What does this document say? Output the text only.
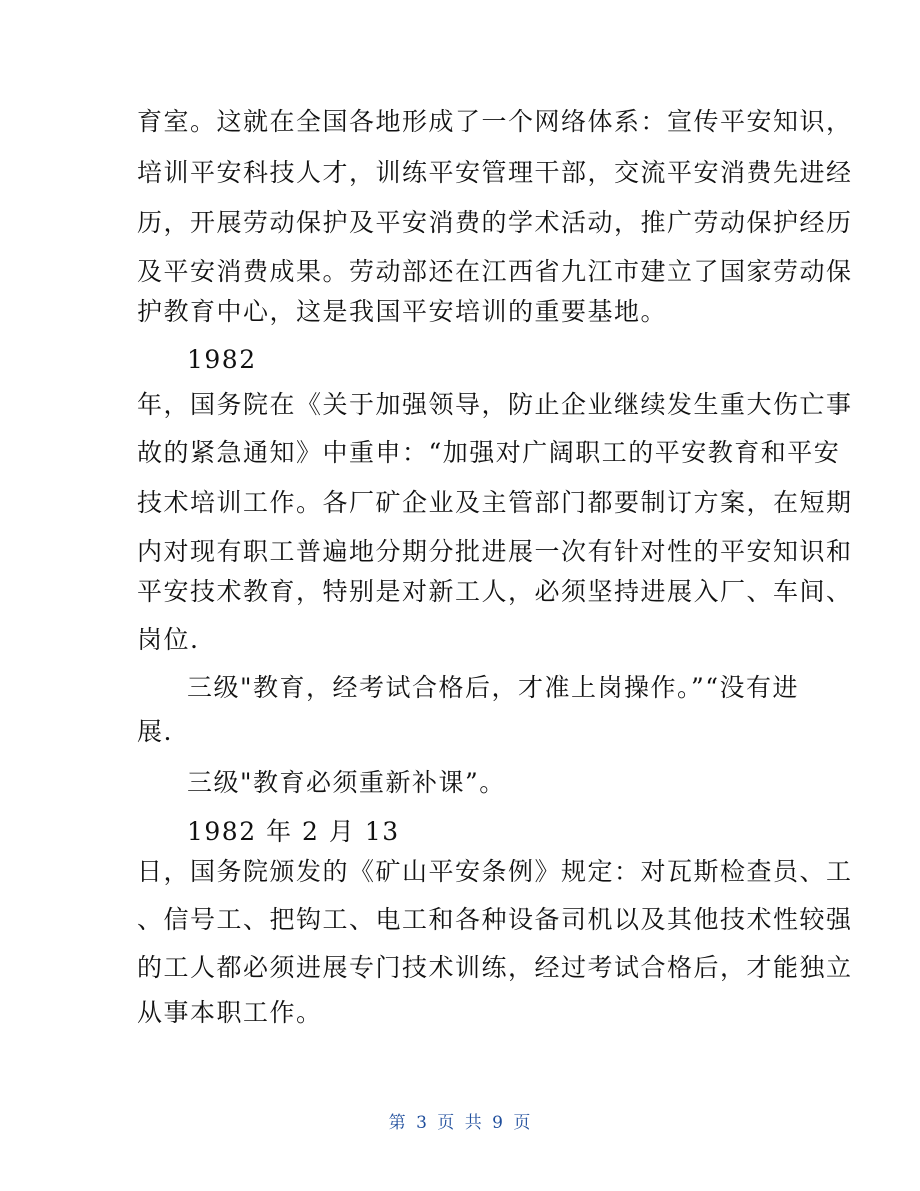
育室。这就在全国各地形成了一个网络体系：宣传平安知识，
培训平安科技人才，训练平安管理干部，交流平安消费先进经
历，开展劳动保护及平安消费的学术活动，推广劳动保护经历
及平安消费成果。劳动部还在江西省九江市建立了国家劳动保
护教育中心，这是我国平安培训的重要基地。
1982
年，国务院在《关于加强领导，防止企业继续发生重大伤亡事
故的紧急通知》中重申：“加强对广阔职工的平安教育和平安
技术培训工作。各厂矿企业及主管部门都要制订方案，在短期
内对现有职工普遍地分期分批进展一次有针对性的平安知识和
平安技术教育，特别是对新工人，必须坚持进展入厂、车间、
岗位.
三级"教育，经考试合格后，才准上岗操作。”“没有进
展.
三级"教育必须重新补课”。
1982 年 2 月 13
日，国务院颁发的《矿山平安条例》规定：对瓦斯检查员、工
、信号工、把钩工、电工和各种设备司机以及其他技术性较强
的工人都必须进展专门技术训练，经过考试合格后，才能独立
从事本职工作。
第 3 页 共 9 页
